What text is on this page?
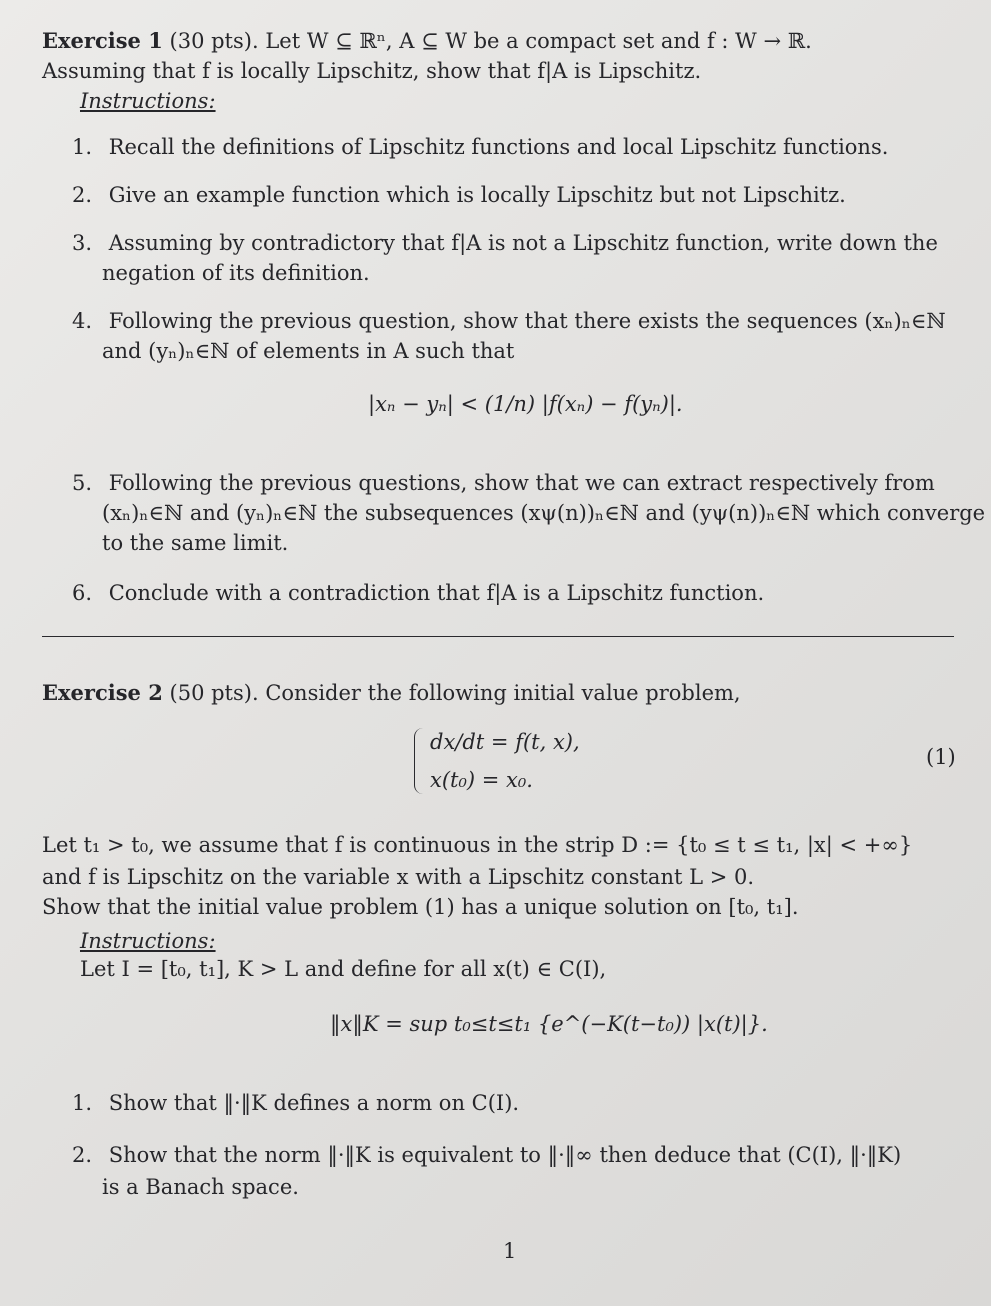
Exercise 1 (30 pts). Let W ⊆ ℝⁿ, A ⊆ W be a compact set and f : W → ℝ.
Assuming that f is locally Lipschitz, show that f|A is Lipschitz.
Instructions:
1. Recall the definitions of Lipschitz functions and local Lipschitz functions.
2. Give an example function which is locally Lipschitz but not Lipschitz.
3. Assuming by contradictory that f|A is not a Lipschitz function, write down the
negation of its definition.
4. Following the previous question, show that there exists the sequences (xₙ)ₙ∈ℕ
and (yₙ)ₙ∈ℕ of elements in A such that
|xₙ − yₙ| < (1/n) |f(xₙ) − f(yₙ)|.
5. Following the previous questions, show that we can extract respectively from
(xₙ)ₙ∈ℕ and (yₙ)ₙ∈ℕ the subsequences (xψ(n))ₙ∈ℕ and (yψ(n))ₙ∈ℕ which converge
to the same limit.
6. Conclude with a contradiction that f|A is a Lipschitz function.
Exercise 2 (50 pts). Consider the following initial value problem,
dx/dt = f(t, x),
x(t₀) = x₀.
(1)
Let t₁ > t₀, we assume that f is continuous in the strip D := {t₀ ≤ t ≤ t₁, |x| < +∞}
and f is Lipschitz on the variable x with a Lipschitz constant L > 0.
Show that the initial value problem (1) has a unique solution on [t₀, t₁].
Instructions:
Let I = [t₀, t₁], K > L and define for all x(t) ∈ C(I),
‖x‖K = sup t₀≤t≤t₁ {e^(−K(t−t₀)) |x(t)|}.
1. Show that ‖·‖K defines a norm on C(I).
2. Show that the norm ‖·‖K is equivalent to ‖·‖∞ then deduce that (C(I), ‖·‖K)
is a Banach space.
1
